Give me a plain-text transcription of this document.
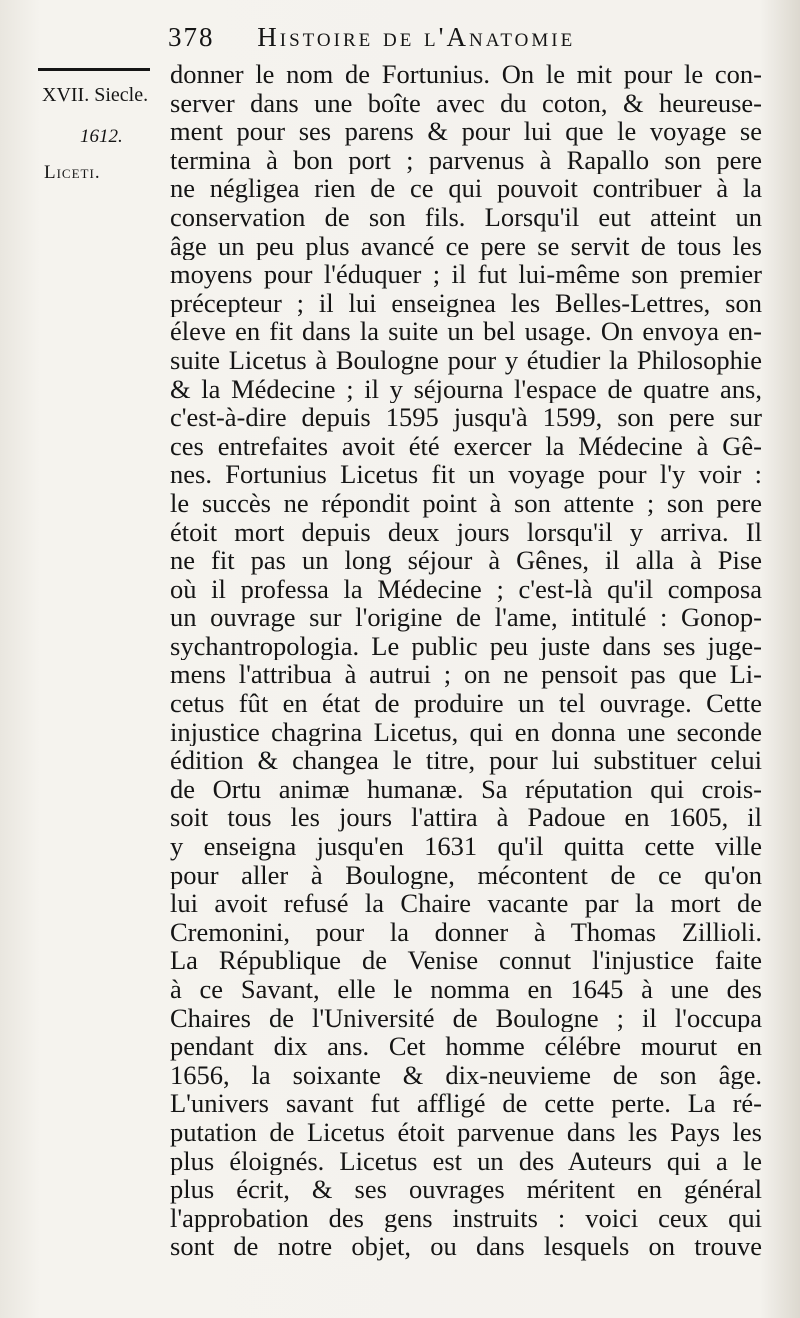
378 Histoire de l'Anatomie
XVII. Siecle.
1612.
Liceti.
donner le nom de Fortunius. On le mit pour le con-
server dans une boîte avec du coton, & heureuse-
ment pour ses parens & pour lui que le voyage se
termina à bon port ; parvenus à Rapallo son pere
ne négligea rien de ce qui pouvoit contribuer à la
conservation de son fils. Lorsqu'il eut atteint un
âge un peu plus avancé ce pere se servit de tous les
moyens pour l'éduquer ; il fut lui-même son premier
précepteur ; il lui enseignea les Belles-Lettres, son
éleve en fit dans la suite un bel usage. On envoya en-
suite Licetus à Boulogne pour y étudier la Philosophie
& la Médecine ; il y séjourna l'espace de quatre ans,
c'est-à-dire depuis 1595 jusqu'à 1599, son pere sur
ces entrefaites avoit été exercer la Médecine à Gê-
nes. Fortunius Licetus fit un voyage pour l'y voir :
le succès ne répondit point à son attente ; son pere
étoit mort depuis deux jours lorsqu'il y arriva. Il
ne fit pas un long séjour à Gênes, il alla à Pise
où il professa la Médecine ; c'est-là qu'il composa
un ouvrage sur l'origine de l'ame, intitulé : Gonop-
sychantropologia. Le public peu juste dans ses juge-
mens l'attribua à autrui ; on ne pensoit pas que Li-
cetus fût en état de produire un tel ouvrage. Cette
injustice chagrina Licetus, qui en donna une seconde
édition & changea le titre, pour lui substituer celui
de Ortu animæ humanæ. Sa réputation qui crois-
soit tous les jours l'attira à Padoue en 1605, il
y enseigna jusqu'en 1631 qu'il quitta cette ville
pour aller à Boulogne, mécontent de ce qu'on
lui avoit refusé la Chaire vacante par la mort de
Cremonini, pour la donner à Thomas Zillioli.
La République de Venise connut l'injustice faite
à ce Savant, elle le nomma en 1645 à une des
Chaires de l'Université de Boulogne ; il l'occupa
pendant dix ans. Cet homme célébre mourut en
1656, la soixante & dix-neuvieme de son âge.
L'univers savant fut affligé de cette perte. La ré-
putation de Licetus étoit parvenue dans les Pays les
plus éloignés. Licetus est un des Auteurs qui a le
plus écrit, & ses ouvrages méritent en général
l'approbation des gens instruits : voici ceux qui
sont de notre objet, ou dans lesquels on trouve
